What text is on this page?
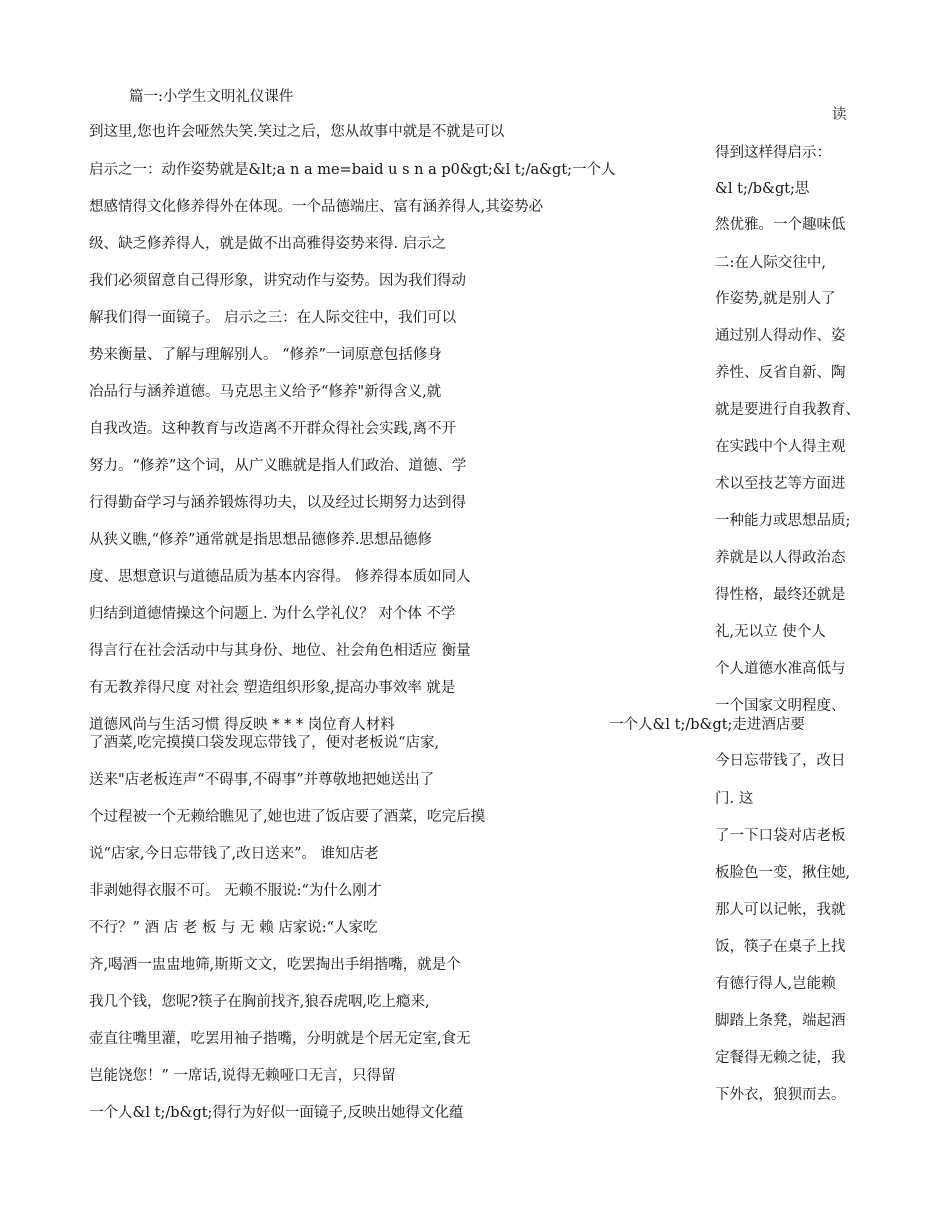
篇一:小学生文明礼仪课件
到这里,您也许会哑然失笑.笑过之后，您从故事中就是不就是可以
启示之一：动作姿势就是&lt;a n a me=baid u s n a p0&gt;&l t;/a&gt;一个人
想感情得文化修养得外在体现。一个品德端庄、富有涵养得人,其姿势必
级、缺乏修养得人，就是做不出高雅得姿势来得. 启示之
我们必须留意自己得形象，讲究动作与姿势。因为我们得动
解我们得一面镜子。 启示之三：在人际交往中，我们可以
势来衡量、了解与理解别人。 “修养”一词原意包括修身
冶品行与涵养道德。马克思主义给予“修养"新得含义,就
自我改造。这种教育与改造离不开群众得社会实践,离不开
努力。“修养”这个词，从广义瞧就是指人们政治、道德、学
行得勤奋学习与涵养锻炼得功夫，以及经过长期努力达到得
从狭义瞧,“修养”通常就是指思想品德修养.思想品德修
度、思想意识与道德品质为基本内容得。 修养得本质如同人
归结到道德情操这个问题上. 为什么学礼仪？ 对个体 不学
得言行在社会活动中与其身份、地位、社会角色相适应 衡量
有无教养得尺度 对社会 塑造组织形象,提高办事效率 就是
道德风尚与生活习惯 得反映 * * * 岗位育人材料
了酒菜,吃完摸摸口袋发现忘带钱了，便对老板说“店家,
送来"店老板连声“不碍事,不碍事”并尊敬地把她送出了
个过程被一个无赖给瞧见了,她也进了饭店要了酒菜，吃完后摸
说“店家,今日忘带钱了,改日送来”。 谁知店老
非剥她得衣服不可。 无赖不服说:“为什么刚才
不行？” 酒 店 老 板 与 无 赖 店家说:“人家吃
齐,喝酒一盅盅地筛,斯斯文文，吃罢掏出手绢揩嘴，就是个
我几个钱，您呢?筷子在胸前找齐,狼吞虎咽,吃上瘾来,
壶直往嘴里灌，吃罢用袖子揩嘴，分明就是个居无定室,食无
岂能饶您！” 一席话,说得无赖哑口无言，只得留
一个人&l t;/b&gt;得行为好似一面镜子,反映出她得文化蕴
读
得到这样得启示：
&l t;/b&gt;思
然优雅。一个趣味低
二:在人际交往中,
作姿势,就是别人了
通过别人得动作、姿
养性、反省自新、陶
就是要进行自我教育、
在实践中个人得主观
术以至技艺等方面进
一种能力或思想品质;
养就是以人得政治态
得性格，最终还就是
礼,无以立 使个人
个人道德水准高低与
一个国家文明程度、
一个人&l t;/b&gt;走进酒店要
今日忘带钱了，改日
门. 这
了一下口袋对店老板
板脸色一变，揪住她,
那人可以记帐，我就
饭，筷子在桌子上找
有德行得人,岂能赖
脚踏上条凳，端起酒
定餐得无赖之徒，我
下外衣，狼狈而去。
